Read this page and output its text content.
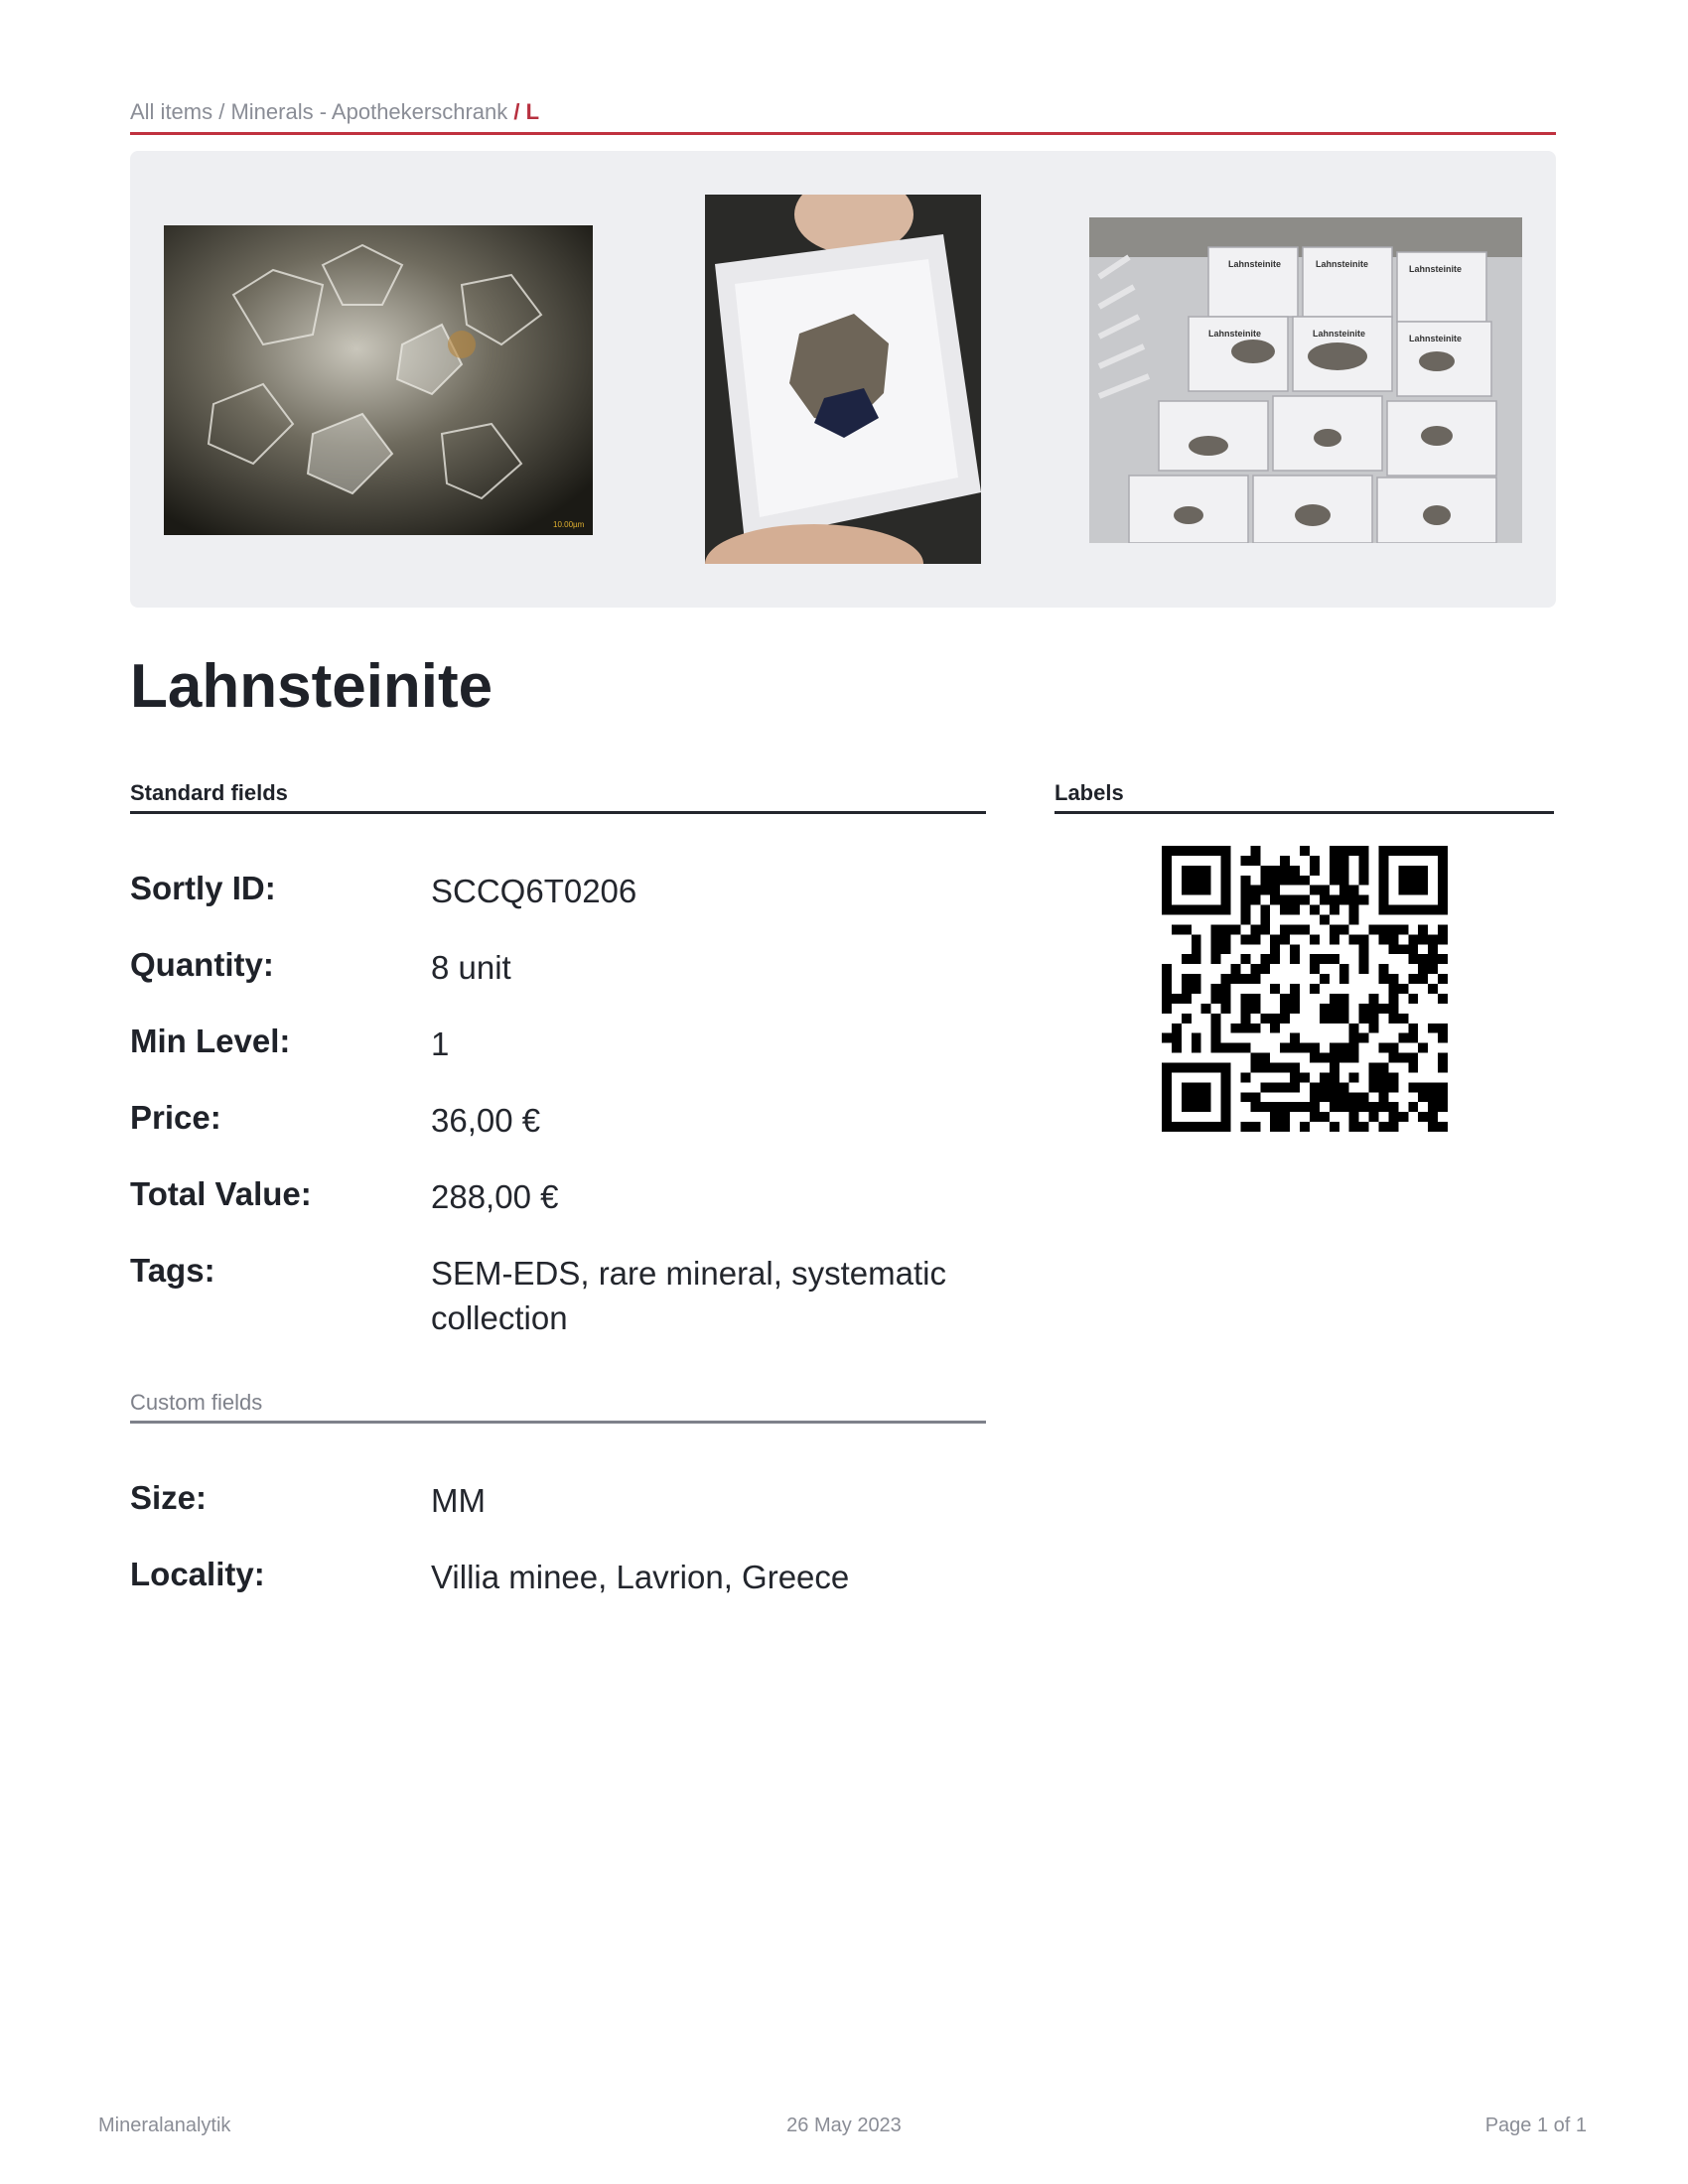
All items / Minerals - Apothekerschrank / L
10.00µm
Lahnsteinite	Lahnsteinite	Lahnsteinite
Lahnsteinite	Lahnsteinite	Lahnsteinite
Lahnsteinite
Standard fields	Labels
Sortly ID:	SCCQ6T0206
Quantity:	8 unit
Min Level:	1
Price:	36,00 €
Total Value:	288,00 €
Tags:	SEM-EDS, rare mineral, systematic collection
Custom fields
Size:	MM
Locality:	Villia minee, Lavrion, Greece
Mineralanalytik	26 May 2023	Page 1 of 1
